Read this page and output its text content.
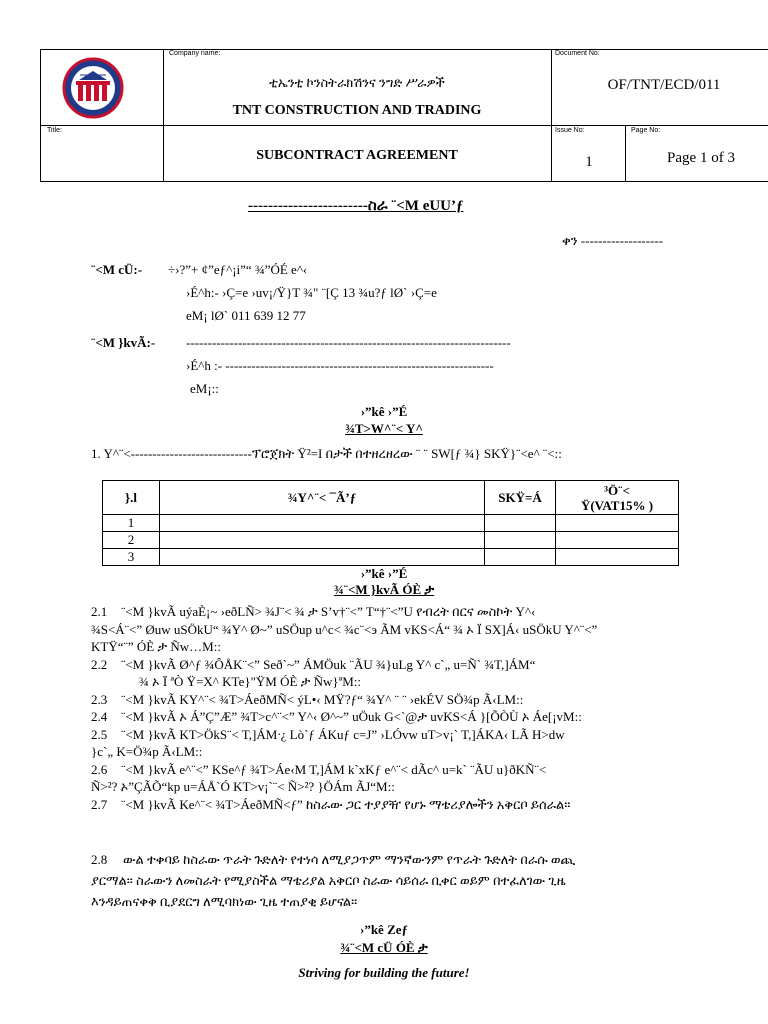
Company name:
ቲኤንቲ ኮንስትራክሽንና ንግድ ሥራዎች
TNT CONSTRUCTION AND TRADING
Document No:
OF/TNT/ECD/011
Title:
SUBCONTRACT AGREEMENT
Issue No:
1
Page No:
Page 1 of 3
------------------------ስራ ¨<M eUU’ƒ
ቀን -------------------
¨<M cÜ:- ÷›?”+ ¢”eƒ^¡i”“ ¾”ÓÉ e^‹
›É^h:- ›Ç=e ›uv¡/Ÿ}T ¾" ¨[Ç 13 ¾u?ƒ lØ` ›Ç=e
eM¡ lØ` 011 639 12 77
¨<M }kvÃ:- ---------------------------------------------------------------------------
›É^h :- --------------------------------------------------------------
eM¡::
›”kê ›”É
¾T>W^¨< Y^
1. Y^¨<----------------------------ፕሮጀክት Ÿ²=I በታች በተዘረዘረው ¨ ¨ SW[ƒ ¾} SKŸ}¨<e^ ¨<::
}.l	¾Y^¨< ¯Ã’ƒ	SKŸ=Á	³Ö¨<
Ÿ(VAT15% )
1			
2			
3			
›”kê ›”É
¾¨<M }kvÃ ÓÈ ታ
2.1 ¨<M }kvÃ uýaÈ¡~ ›eðLÑ> ¾J¨< ¾ ታ S’v†¨<” T“†¨<”U የብረት በርና መስኮት Y^‹
¾S<Á¨<” Øuw uSÖkU“ ¾Y^ Ø~” uSÖup u^c< ¾c¨<э ÃM vKS<Á“ ¾ ኦ Ï SX]Á‹ uSÖkU Y^¨<”
KTŸ“¨” ÓÈ ታ Ñw…M::
2.2 ¨<M }kvÃ Ø^ƒ ¾ÔÅK¨<” Seð`~” ÁMÖuk ¨ÃU ¾}uLg Y^ c`„ u=Ñ` ¾T,]ÁM“
¾ ኦ Ï ªÒ Ÿ=X^ KTe}"ŸM ÓÈ ታ Ñw}ªM::
2.3 ¨<M }kvÃ KY^¨< ¾T>ÁeðMÑ< ýL•‹ MŸ?ƒ“ ¾Y^ ¨ ¨ ›ekÉV SÖ¾p Ã‹LM::
2.4 ¨<M }kvÃ ኦ Á”Ç”Æ” ¾T>c^¨<” Y^‹ Ø^~” uÖuk G<`@ታ uvKS<Á }[ÕÒÙ ኦ Áe[¡vM::
2.5 ¨<M }kvÃ KT>ÖkS¨< T,]ÁMᐧ¿ Lò`ƒ ÁKuƒ c=J” ›LÓvw uT>v¡` T,]ÁKA‹ LÃ H>dw
}c`„ K=Ö¾p Ã‹LM::
2.6 ¨<M }kvÃ e^¨<” KSe^ƒ ¾T>Áe‹M T,]ÁM k`xKƒ e^¨< dÃc^ u=k` ¨ÃU u}ðKÑ¨<
Ñ>²? ኦ”ÇÃÕ“kp u=ÁÅ`Ó KT>v¡`¨< Ñ>²? }ÖÁm ÃJ“M::
2.7 ¨<M }kvÃ Ke^¨< ¾T>ÁeðMÑ<ƒ” ከስራው ጋር ተያያዥ የሆኑ ማቴሪያሎችን አቅርቦ ይሰራል።
2.8 ውል ተቀባይ ከስራው ጥራት ጉድለት የተነሳ ለሚያጋጥም ማንኛውንም የጥራት ጉድለት በራሱ ወጪ
ያርማል። ስራውን ለመስራት የሚያስችል ማቴሪያል አቅርቦ ስራው ሳይሰራ ቢቀር ወይም በተፈለገው ጊዜ
እንዳይጠናቀቅ ቢያደርግ ለሚባክነው ጊዜ ተጠያቂ ይሆናል።
›”kê Zeƒ
¾¨<M cÜ ÓÈ ታ
Striving for building the future!
